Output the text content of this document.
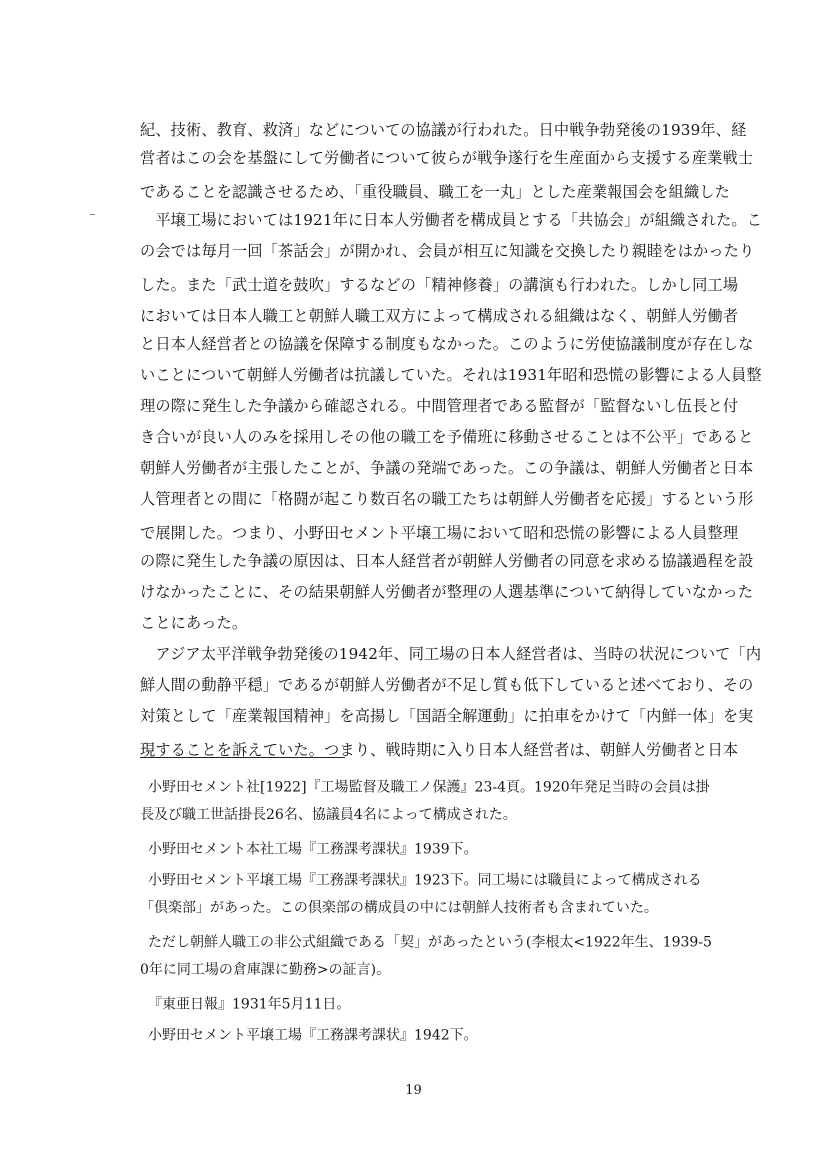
紀、技術、教育、救済」などについての協議が行われた。日中戦争勃発後の1939年、経
営者はこの会を基盤にして労働者について彼らが戦争遂行を生産面から支援する産業戦士
であることを認識させるため、「重役職員、職工を一丸」とした産業報国会を組織した
　平壌工場においては1921年に日本人労働者を構成員とする「共協会」が組織された。こ
の会では毎月一回「茶話会」が開かれ、会員が相互に知識を交換したり親睦をはかったり
した。また「武士道を鼓吹」するなどの「精神修養」の講演も行われた。しかし同工場
においては日本人職工と朝鮮人職工双方によって構成される組織はなく、朝鮮人労働者
と日本人経営者との協議を保障する制度もなかった。このように労使協議制度が存在しな
いことについて朝鮮人労働者は抗議していた。それは1931年昭和恐慌の影響による人員整
理の際に発生した争議から確認される。中間管理者である監督が「監督ないし伍長と付
き合いが良い人のみを採用しその他の職工を予備班に移動させることは不公平」であると
朝鮮人労働者が主張したことが、争議の発端であった。この争議は、朝鮮人労働者と日本
人管理者との間に「格闘が起こり数百名の職工たちは朝鮮人労働者を応援」するという形
で展開した。つまり、小野田セメント平壌工場において昭和恐慌の影響による人員整理
の際に発生した争議の原因は、日本人経営者が朝鮮人労働者の同意を求める協議過程を設
けなかったことに、その結果朝鮮人労働者が整理の人選基準について納得していなかった
ことにあった。
　アジア太平洋戦争勃発後の1942年、同工場の日本人経営者は、当時の状況について「内
鮮人間の動静平穏」であるが朝鮮人労働者が不足し質も低下していると述べており、その
対策として「産業報国精神」を高揚し「国語全解運動」に拍車をかけて「内鮮一体」を実
現することを訴えていた。つまり、戦時期に入り日本人経営者は、朝鮮人労働者と日本
小野田セメント社[1922]『工場監督及職工ノ保護』23-4頁。1920年発足当時の会員は掛
長及び職工世話掛長26名、協議員4名によって構成された。
小野田セメント本社工場『工務課考課状』1939下。
小野田セメント平壌工場『工務課考課状』1923下。同工場には職員によって構成される
「倶楽部」があった。この倶楽部の構成員の中には朝鮮人技術者も含まれていた。
ただし朝鮮人職工の非公式組織である「契」があったという(李根太<1922年生、1939-5
0年に同工場の倉庫課に勤務>の証言)。
『東亜日報』1931年5月11日。
小野田セメント平壌工場『工務課考課状』1942下。
19
